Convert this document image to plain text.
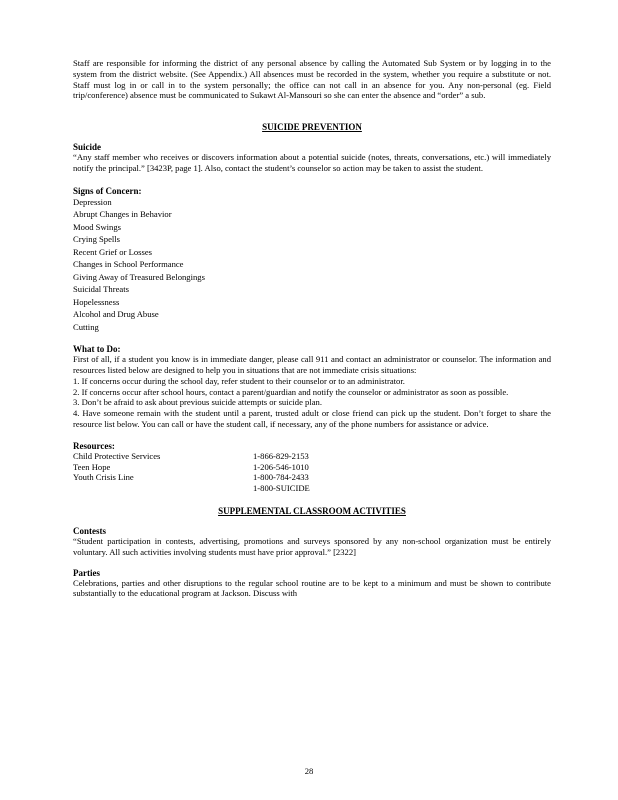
Staff are responsible for informing the district of any personal absence by calling the Automated Sub System or by logging in to the system from the district website. (See Appendix.) All absences must be recorded in the system, whether you require a substitute or not. Staff must log in or call in to the system personally; the office can not call in an absence for you. Any non-personal (eg. Field trip/conference) absence must be communicated to Sukawt Al-Mansouri so she can enter the absence and “order” a sub.

SUICIDE PREVENTION

Suicide

“Any staff member who receives or discovers information about a potential suicide (notes, threats, conversations, etc.) will immediately notify the principal.” [3423P, page 1]. Also, contact the student’s counselor so action may be taken to assist the student.

Signs of Concern:

Depression
Abrupt Changes in Behavior
Mood Swings
Crying Spells
Recent Grief or Losses
Changes in School Performance
Giving Away of Treasured Belongings
Suicidal Threats
Hopelessness
Alcohol and Drug Abuse
Cutting

What to Do:

First of all, if a student you know is in immediate danger, please call 911 and contact an administrator or counselor. The information and resources listed below are designed to help you in situations that are not immediate crisis situations:

1. If concerns occur during the school day, refer student to their counselor or to an administrator.

2. If concerns occur after school hours, contact a parent/guardian and notify the counselor or administrator as soon as possible.

3. Don’t be afraid to ask about previous suicide attempts or suicide plan.

4. Have someone remain with the student until a parent, trusted adult or close friend can pick up the student. Don’t forget to share the resource list below. You can call or have the student call, if necessary, any of the phone numbers for assistance or advice.

Resources:

Child Protective Services	1-866-829-2153
Teen Hope	1-206-546-1010
Youth Crisis Line	1-800-784-2433
1-800-SUICIDE

SUPPLEMENTAL CLASSROOM ACTIVITIES

Contests

“Student participation in contests, advertising, promotions and surveys sponsored by any non-school organization must be entirely voluntary. All such activities involving students must have prior approval.” [2322]

Parties

Celebrations, parties and other disruptions to the regular school routine are to be kept to a minimum and must be shown to contribute substantially to the educational program at Jackson. Discuss with

28
